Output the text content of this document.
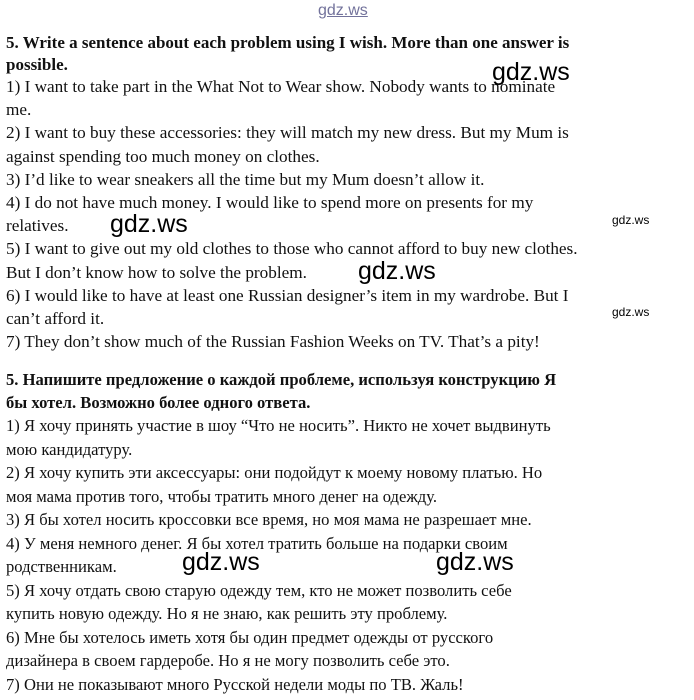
5. Write a sentence about each problem using I wish. More than one answer is

possible.

1) I want to take part in the What Not to Wear show. Nobody wants to nominate

me.

2) I want to buy these accessories: they will match my new dress. But my Mum is

against spending too much money on clothes.

3) I’d like to wear sneakers all the time but my Mum doesn’t allow it.

4) I do not have much money. I would like to spend more on presents for my

relatives.

5) I want to give out my old clothes to those who cannot afford to buy new clothes.

But I don’t know how to solve the problem.

6) I would like to have at least one Russian designer’s item in my wardrobe. But I

can’t afford it.

7) They don’t show much of the Russian Fashion Weeks on TV. That’s a pity!

5. Напишите предложение о каждой проблеме, используя конструкцию Я

бы хотел. Возможно более одного ответа.

1) Я хочу принять участие в шоу “Что не носить”. Никто не хочет выдвинуть

мою кандидатуру.

2) Я хочу купить эти аксессуары: они подойдут к моему новому платью. Но

моя мама против того, чтобы тратить много денег на одежду.

3) Я бы хотел носить кроссовки все время, но моя мама не разрешает мне.

4) У меня немного денег. Я бы хотел тратить больше на подарки своим

родственникам.

5) Я хочу отдать свою старую одежду тем, кто не может позволить себе

купить новую одежду. Но я не знаю, как решить эту проблему.

6) Мне бы хотелось иметь хотя бы один предмет одежды от русского

дизайнера в своем гардеробе. Но я не могу позволить себе это.

7) Они не показывают много Русской недели моды по ТВ. Жаль!

gdz.ws
gdz.ws
gdz.ws	gdz.ws
gdz.ws
gdz.ws
gdz.ws	gdz.ws
